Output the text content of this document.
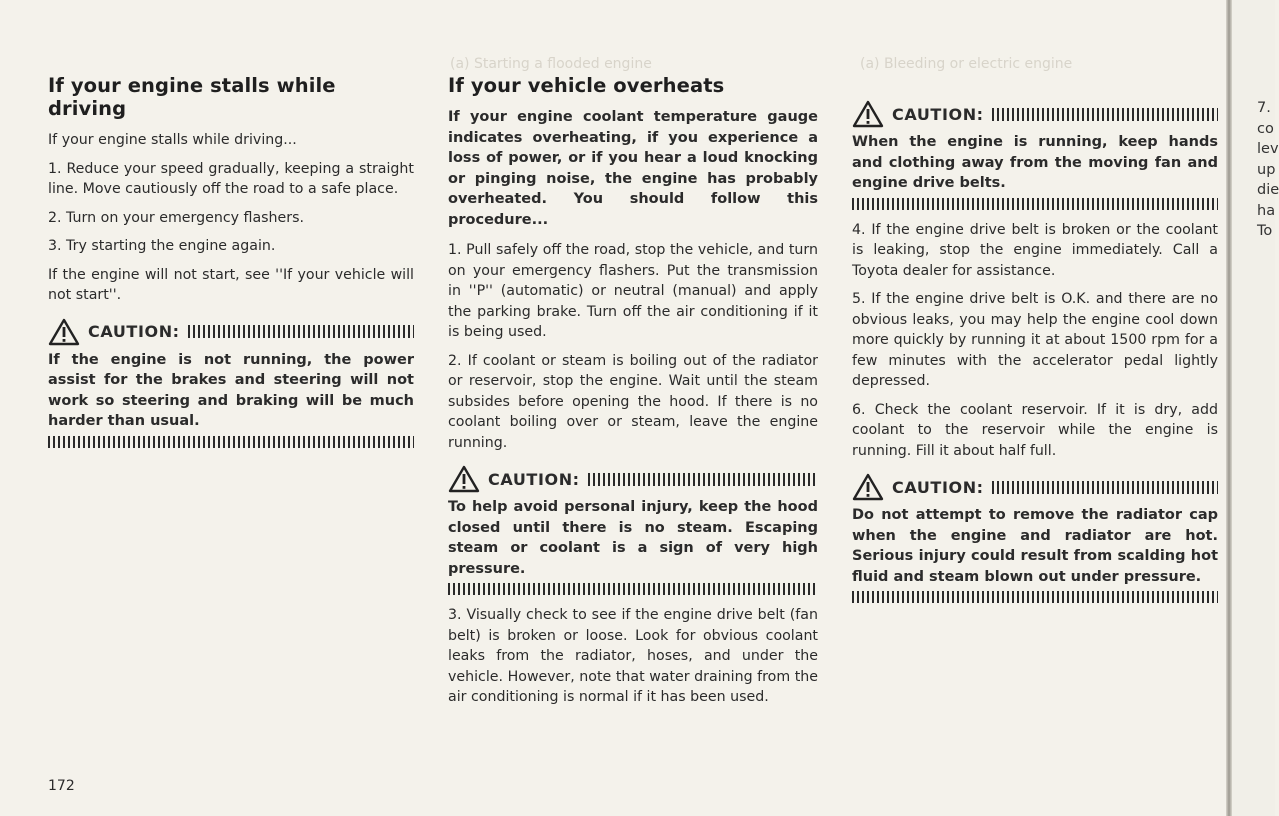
(a) Starting a flooded engine	(a) Bleeding or electric engine
If your engine stalls while driving

If your engine stalls while driving...

1. Reduce your speed gradually, keeping a straight line. Move cautiously off the road to a safe place.

2. Turn on your emergency flashers.

3. Try starting the engine again.

If the engine will not start, see ''If your vehicle will not start''.

CAUTION:

If the engine is not running, the power assist for the brakes and steering will not work so steering and braking will be much harder than usual.

If your vehicle overheats

If your engine coolant temperature gauge indicates overheating, if you experience a loss of power, or if you hear a loud knocking or pinging noise, the engine has probably overheated. You should follow this procedure...

1. Pull safely off the road, stop the vehicle, and turn on your emergency flashers. Put the transmission in ''P'' (automatic) or neutral (manual) and apply the parking brake. Turn off the air conditioning if it is being used.

2. If coolant or steam is boiling out of the radiator or reservoir, stop the engine. Wait until the steam subsides before opening the hood. If there is no coolant boiling over or steam, leave the engine running.

CAUTION:

To help avoid personal injury, keep the hood closed until there is no steam. Escaping steam or coolant is a sign of very high pressure.

3. Visually check to see if the engine drive belt (fan belt) is broken or loose. Look for obvious coolant leaks from the radiator, hoses, and under the vehicle. However, note that water draining from the air conditioning is normal if it has been used.

CAUTION:

When the engine is running, keep hands and clothing away from the moving fan and engine drive belts.

4. If the engine drive belt is broken or the coolant is leaking, stop the engine immediately. Call a Toyota dealer for assistance.

5. If the engine drive belt is O.K. and there are no obvious leaks, you may help the engine cool down more quickly by running it at about 1500 rpm for a few minutes with the accelerator pedal lightly depressed.

6. Check the coolant reservoir. If it is dry, add coolant to the reservoir while the engine is running. Fill it about half full.

CAUTION:

Do not attempt to remove the radiator cap when the engine and radiator are hot. Serious injury could result from scalding hot fluid and steam blown out under pressure.

172
7.
co
lev
up
die
ha
To
